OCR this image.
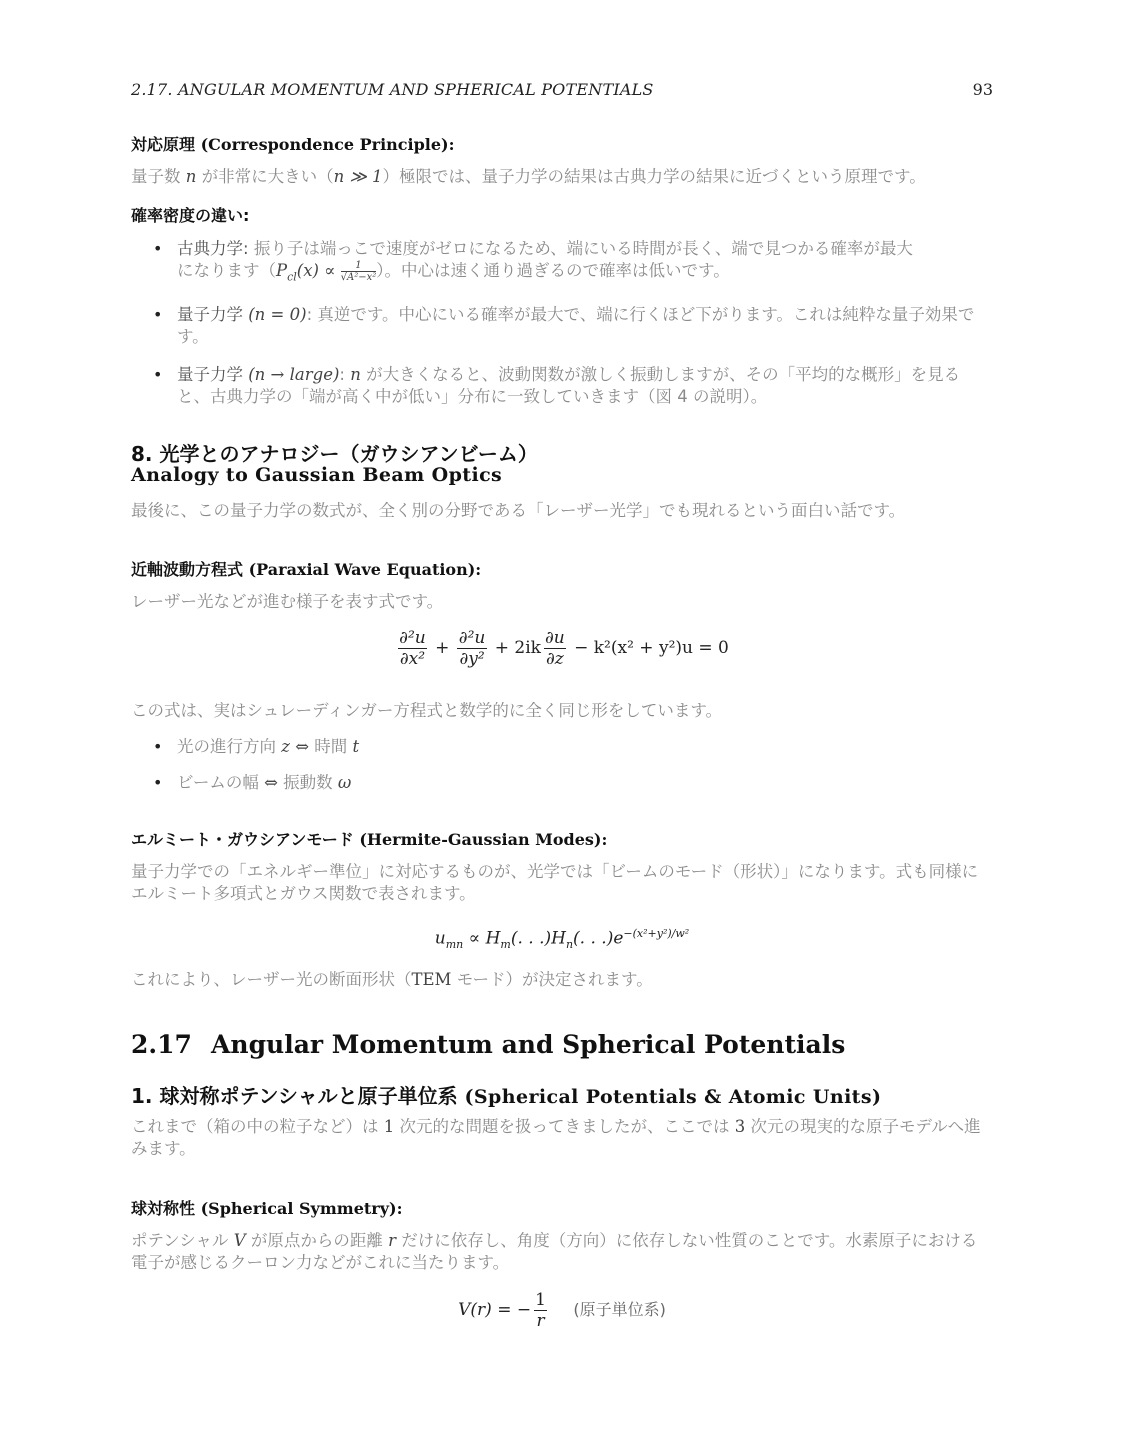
2.17. ANGULAR MOMENTUM AND SPHERICAL POTENTIALS	93
対応原理 (Correspondence Principle):
量子数 n が非常に大きい（n ≫ 1）極限では、量子力学の結果は古典力学の結果に近づくという原理です。
確率密度の違い:
• 古典力学: 振り子は端っこで速度がゼロになるため、端にいる時間が長く、端で見つかる確率が最大
になります（$P_{cl}(x) \propto \frac{1}{\text{√A²−x²}}$ ）。中心は速く通り過ぎるので確率は低いです。
• 量子力学 (n = 0): 真逆です。中心にいる確率が最大で、端に行くほど下がります。これは純粋な量子効果です。
• 量子力学 (n → large): n が大きくなると、波動関数が激しく振動しますが、その「平均的な概形」を見ると、古典力学の「端が高く中が低い」分布に一致していきます（図 4 の説明）。
8. 光学とのアナロジー（ガウシアンビーム）
Analogy to Gaussian Beam Optics
最後に、この量子力学の数式が、全く別の分野である「レーザー光学」でも現れるという面白い話です。
近軸波動方程式 (Paraxial Wave Equation):
レーザー光などが進む様子を表す式です。
$\frac{\text{∂²u}}{\text{∂x²}} + \frac{\text{∂²u}}{\text{∂y²}} + 2ik \frac{\partial u}{\partial z} - k^2(x^2 + y^2)u = 0$
この式は、実はシュレーディンガー方程式と数学的に全く同じ形をしています。
• 光の進行方向 z ⇔ 時間 t
• ビームの幅 ⇔ 振動数 ω
エルミート・ガウシアンモード (Hermite-Gaussian Modes):
量子力学での「エネルギー準位」に対応するものが、光学では「ビームのモード（形状）」になります。式も同様にエルミート多項式とガウス関数で表されます。
$u_{mn} \propto H_m$(. . $.)H_n$(. . $.)e^{-(x^2+y^2)/w^2}$
これにより、レーザー光の断面形状（TEM モード）が決定されます。
2.17 Angular Momentum and Spherical Potentials
1. 球対称ポテンシャルと原子単位系 (Spherical Potentials & Atomic Units)
これまで（箱の中の粒子など）は 1 次元的な問題を扱ってきましたが、ここでは 3 次元の現実的な原子モデルへ進みます。
球対称性 (Spherical Symmetry):
ポテンシャル V が原点からの距離 r だけに依存し、角度（方向）に依存しない性質のことです。水素原子における電子が感じるクーロン力などがこれに当たります。
V(r) = − $\frac{1}{r}$ (原子単位系)
